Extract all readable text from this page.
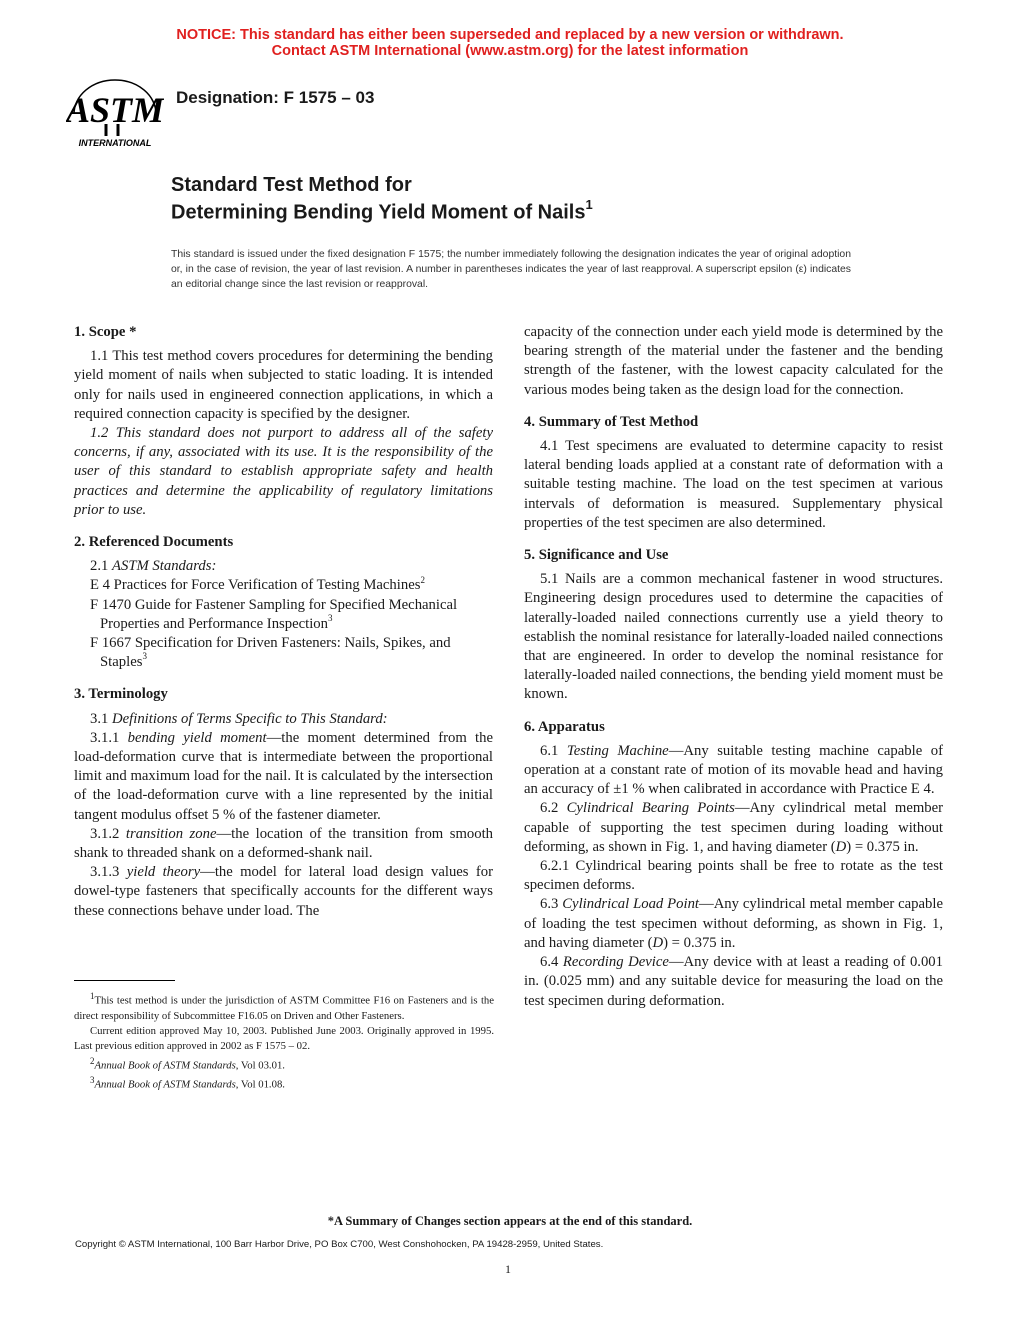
NOTICE: This standard has either been superseded and replaced by a new version or withdrawn.
Contact ASTM International (www.astm.org) for the latest information
ASTM
INTERNATIONAL
Designation: F 1575 – 03
Standard Test Method for
Determining Bending Yield Moment of Nails$^1$
This standard is issued under the fixed designation F 1575; the number immediately following the designation indicates the year of original adoption or, in the case of revision, the year of last revision. A number in parentheses indicates the year of last reapproval. A superscript epsilon (ε) indicates an editorial change since the last revision or reapproval.

1. Scope *

1.1 This test method covers procedures for determining the bending yield moment of nails when subjected to static loading. It is intended only for nails used in engineered connection applications, in which a required connection capacity is specified by the designer.

1.2 This standard does not purport to address all of the safety concerns, if any, associated with its use. It is the responsibility of the user of this standard to establish appropriate safety and health practices and determine the applicability of regulatory limitations prior to use.

2. Referenced Documents

2.1 ASTM Standards:

E 4 Practices for Force Verification of Testing Machines$^2$

F 1470 Guide for Fastener Sampling for Specified Mechanical Properties and Performance Inspection$^3$

F 1667 Specification for Driven Fasteners: Nails, Spikes, and Staples$^3$

3. Terminology

3.1 Definitions of Terms Specific to This Standard:

3.1.1 bending yield moment—the moment determined from the load-deformation curve that is intermediate between the proportional limit and maximum load for the nail. It is calculated by the intersection of the load-deformation curve with a line represented by the initial tangent modulus offset 5 % of the fastener diameter.

3.1.2 transition zone—the location of the transition from smooth shank to threaded shank on a deformed-shank nail.

3.1.3 yield theory—the model for lateral load design values for dowel-type fasteners that specifically accounts for the different ways these connections behave under load. The

$^1$This test method is under the jurisdiction of ASTM Committee F16 on Fasteners and is the direct responsibility of Subcommittee F16.05 on Driven and Other Fasteners.

Current edition approved May 10, 2003. Published June 2003. Originally approved in 1995. Last previous edition approved in 2002 as F 1575 – 02.

$^2$Annual Book of ASTM Standards, Vol 03.01.

$^3$Annual Book of ASTM Standards, Vol 01.08.

capacity of the connection under each yield mode is determined by the bearing strength of the material under the fastener and the bending strength of the fastener, with the lowest capacity calculated for the various modes being taken as the design load for the connection.

4. Summary of Test Method

4.1 Test specimens are evaluated to determine capacity to resist lateral bending loads applied at a constant rate of deformation with a suitable testing machine. The load on the test specimen at various intervals of deformation is measured. Supplementary physical properties of the test specimen are also determined.

5. Significance and Use

5.1 Nails are a common mechanical fastener in wood structures. Engineering design procedures used to determine the capacities of laterally-loaded nailed connections currently use a yield theory to establish the nominal resistance for laterally-loaded nailed connections that are engineered. In order to develop the nominal resistance for laterally-loaded nailed connections, the bending yield moment must be known.

6. Apparatus

6.1 Testing Machine—Any suitable testing machine capable of operation at a constant rate of motion of its movable head and having an accuracy of ±1 % when calibrated in accordance with Practice E 4.

6.2 Cylindrical Bearing Points—Any cylindrical metal member capable of supporting the test specimen during loading without deforming, as shown in Fig. 1, and having diameter (D) = 0.375 in.

6.2.1 Cylindrical bearing points shall be free to rotate as the test specimen deforms.

6.3 Cylindrical Load Point—Any cylindrical metal member capable of loading the test specimen without deforming, as shown in Fig. 1, and having diameter (D) = 0.375 in.

6.4 Recording Device—Any device with at least a reading of 0.001 in. (0.025 mm) and any suitable device for measuring the load on the test specimen during deformation.

*A Summary of Changes section appears at the end of this standard.
Copyright © ASTM International, 100 Barr Harbor Drive, PO Box C700, West Conshohocken, PA 19428-2959, United States.
1
